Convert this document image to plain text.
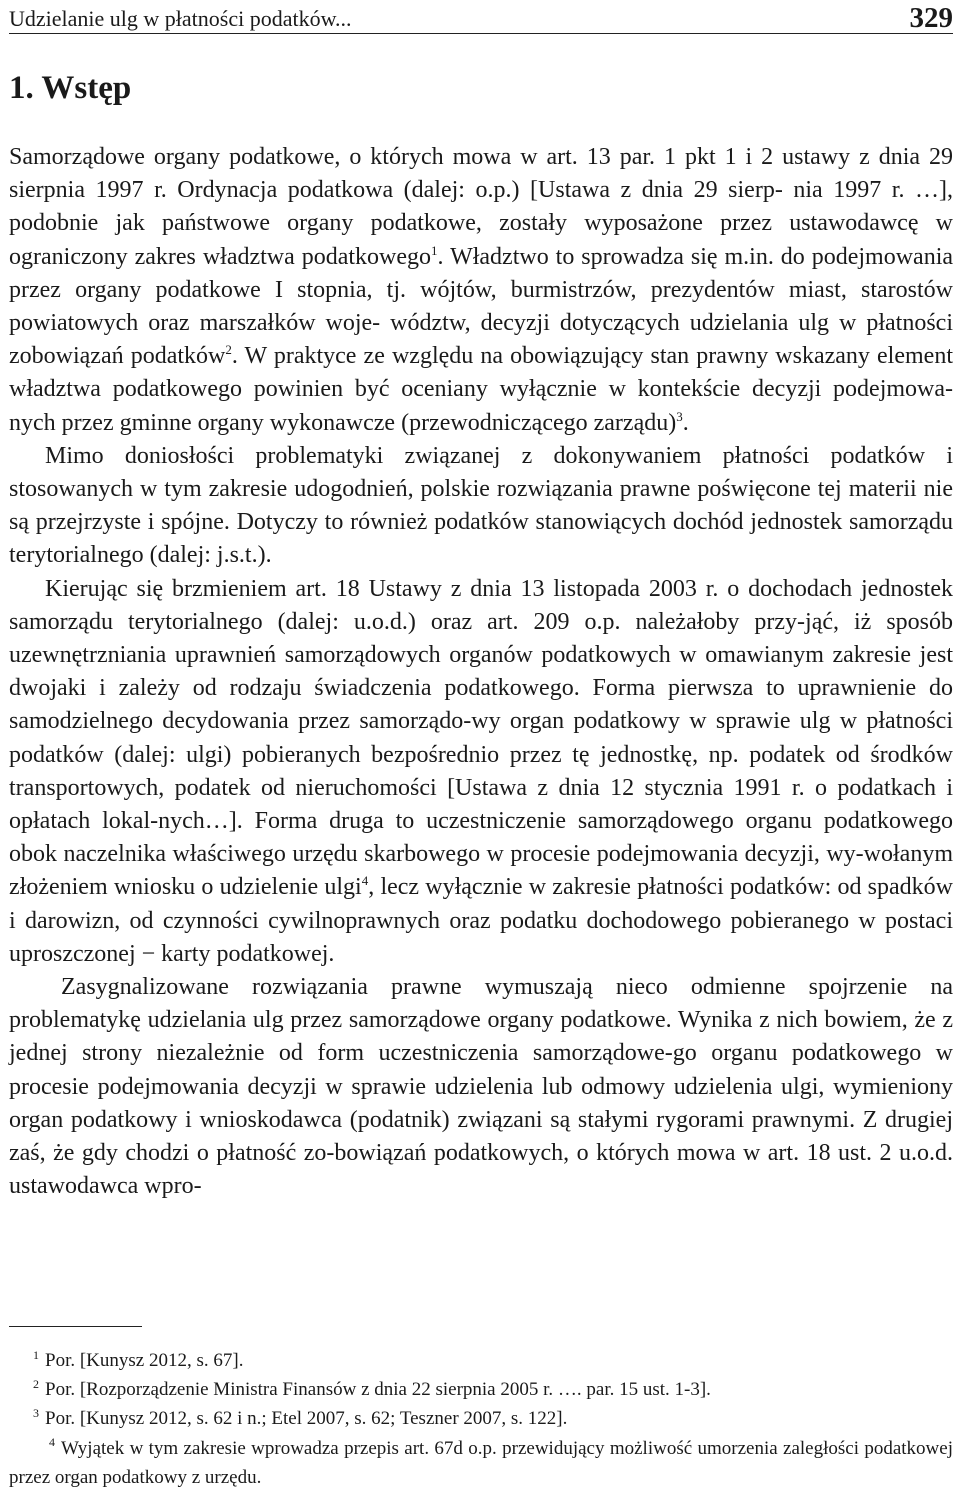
Udzielanie ulg w płatności podatków...	329
1. Wstęp

Samorządowe organy podatkowe, o których mowa w art. 13 par. 1 pkt 1 i 2 ustawy z dnia 29 sierpnia 1997 r. Ordynacja podatkowa (dalej: o.p.) [Ustawa z dnia 29 sierp- nia 1997 r. …], podobnie jak państwowe organy podatkowe, zostały wyposażone przez ustawodawcę w ograniczony zakres władztwa podatkowego$^1$. Władztwo to sprowadza się m.in. do podejmowania przez organy podatkowe I stopnia, tj. wójtów, burmistrzów, prezydentów miast, starostów powiatowych oraz marszałków woje- wództw, decyzji dotyczących udzielania ulg w płatności zobowiązań podatków$^2$. W praktyce ze względu na obowiązujący stan prawny wskazany element władztwa podatkowego powinien być oceniany wyłącznie w kontekście decyzji podejmowa- nych przez gminne organy wykonawcze (przewodniczącego zarządu)$^3$.

Mimo doniosłości problematyki związanej z dokonywaniem płatności podatków i stosowanych w tym zakresie udogodnień, polskie rozwiązania prawne poświęcone tej materii nie są przejrzyste i spójne. Dotyczy to również podatków stanowiących dochód jednostek samorządu terytorialnego (dalej: j.s.t.).

Kierując się brzmieniem art. 18 Ustawy z dnia 13 listopada 2003 r. o dochodach jednostek samorządu terytorialnego (dalej: u.o.d.) oraz art. 209 o.p. należałoby przy-jąć, iż sposób uzewnętrzniania uprawnień samorządowych organów podatkowych w omawianym zakresie jest dwojaki i zależy od rodzaju świadczenia podatkowego. Forma pierwsza to uprawnienie do samodzielnego decydowania przez samorządo-wy organ podatkowy w sprawie ulg w płatności podatków (dalej: ulgi) pobieranych bezpośrednio przez tę jednostkę, np. podatek od środków transportowych, podatek od nieruchomości [Ustawa z dnia 12 stycznia 1991 r. o podatkach i opłatach lokal-nych…]. Forma druga to uczestniczenie samorządowego organu podatkowego obok naczelnika właściwego urzędu skarbowego w procesie podejmowania decyzji, wy-wołanym złożeniem wniosku o udzielenie ulgi$^4$, lecz wyłącznie w zakresie płatności podatków: od spadków i darowizn, od czynności cywilnoprawnych oraz podatku dochodowego pobieranego w postaci uproszczonej − karty podatkowej.

Zasygnalizowane rozwiązania prawne wymuszają nieco odmienne spojrzenie na problematykę udzielania ulg przez samorządowe organy podatkowe. Wynika z nich bowiem, że z jednej strony niezależnie od form uczestniczenia samorządowe-go organu podatkowego w procesie podejmowania decyzji w sprawie udzielenia lub odmowy udzielenia ulgi, wymieniony organ podatkowy i wnioskodawca (podatnik) związani są stałymi rygorami prawnymi. Z drugiej zaś, że gdy chodzi o płatność zo-bowiązań podatkowych, o których mowa w art. 18 ust. 2 u.o.d. ustawodawca wpro-

$^1$ Por. [Kunysz 2012, s. 67].

$^2$ Por. [Rozporządzenie Ministra Finansów z dnia 22 sierpnia 2005 r. …. par. 15 ust. 1-3].

$^3$ Por. [Kunysz 2012, s. 62 i n.; Etel 2007, s. 62; Teszner 2007, s. 122].

$^4$ Wyjątek w tym zakresie wprowadza przepis art. 67d o.p. przewidujący możliwość umorzenia zaległości podatkowej przez organ podatkowy z urzędu.
